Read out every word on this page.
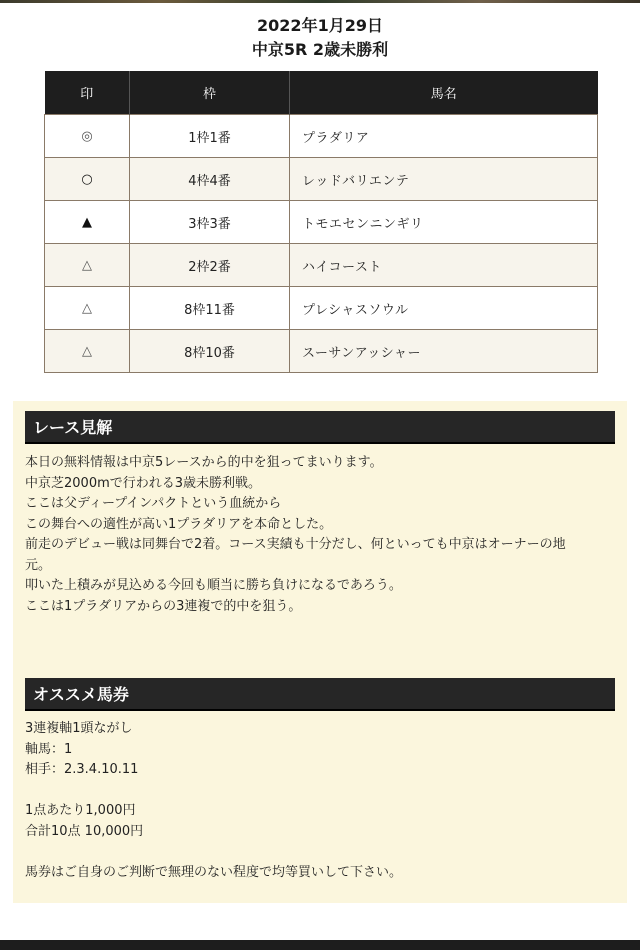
2022年1月29日
中京5R 2歳未勝利
印	枠	馬名
◎	1枠1番	プラダリア
○	4枠4番	レッドバリエンテ
▲	3枠3番	トモエセンニンギリ
△	2枠2番	ハイコースト
△	8枠11番	プレシャスソウル
△	8枠10番	スーサンアッシャー
レース見解

本日の無料情報は中京5レースから的中を狙ってまいります。

中京芝2000mで行われる3歳未勝利戦。

ここは父ディープインパクトという血統から

この舞台への適性が高い1プラダリアを本命とした。

前走のデビュー戦は同舞台で2着。コース実績も十分だし、何といっても中京はオーナーの地

元。

叩いた上積みが見込める今回も順当に勝ち負けになるであろう。

ここは1プラダリアからの3連複で的中を狙う。

オススメ馬券

3連複軸1頭ながし

軸馬：1

相手：2.3.4.10.11

1点あたり1,000円

合計10点 10,000円

馬券はご自身のご判断で無理のない程度で均等買いして下さい。
